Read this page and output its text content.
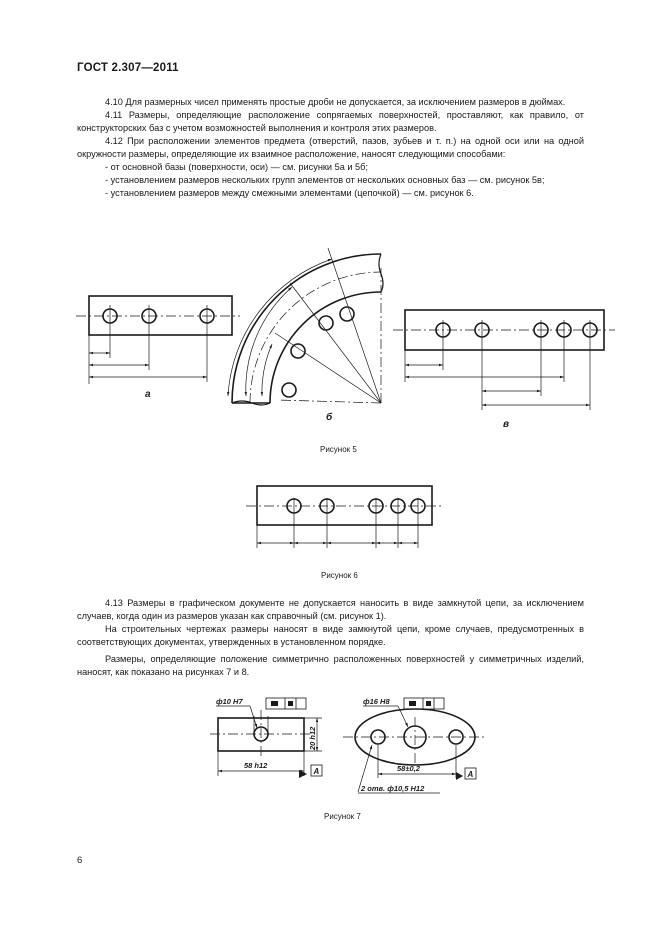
ГОСТ 2.307—2011

4.10 Для размерных чисел применять простые дроби не допускается, за исключением размеров в дюймах.

4.11 Размеры, определяющие расположение сопрягаемых поверхностей, проставляют, как правило, от конструкторских баз с учетом возможностей выполнения и контроля этих размеров.

4.12 При расположении элементов предмета (отверстий, пазов, зубьев и т. п.) на одной оси или на одной окружности размеры, определяющие их взаимное расположение, наносят следующими способами:

- от основной базы (поверхности, оси) — см. рисунки 5а и 5б;

- установлением размеров нескольких групп элементов от нескольких основных баз — см. рисунок 5в;

- установлением размеров между смежными элементами (цепочкой) — см. рисунок 6.

а
б
в
Рисунок 5
Рисунок 6
ф10 Н7
20 h12
58 h12
A
ф16 Н8
58±0,2
A
2 отв. ф10,5 Н12

4.13 Размеры в графическом документе не допускается наносить в виде замкнутой цепи, за исключением случаев, когда один из размеров указан как справочный (см. рисунок 1).

На строительных чертежах размеры наносят в виде замкнутой цепи, кроме случаев, предусмотренных в соответствующих документах, утвержденных в установленном порядке.

Размеры, определяющие положение симметрично расположенных поверхностей у симметричных изделий, наносят, как показано на рисунках 7 и 8.

Рисунок 7
6
